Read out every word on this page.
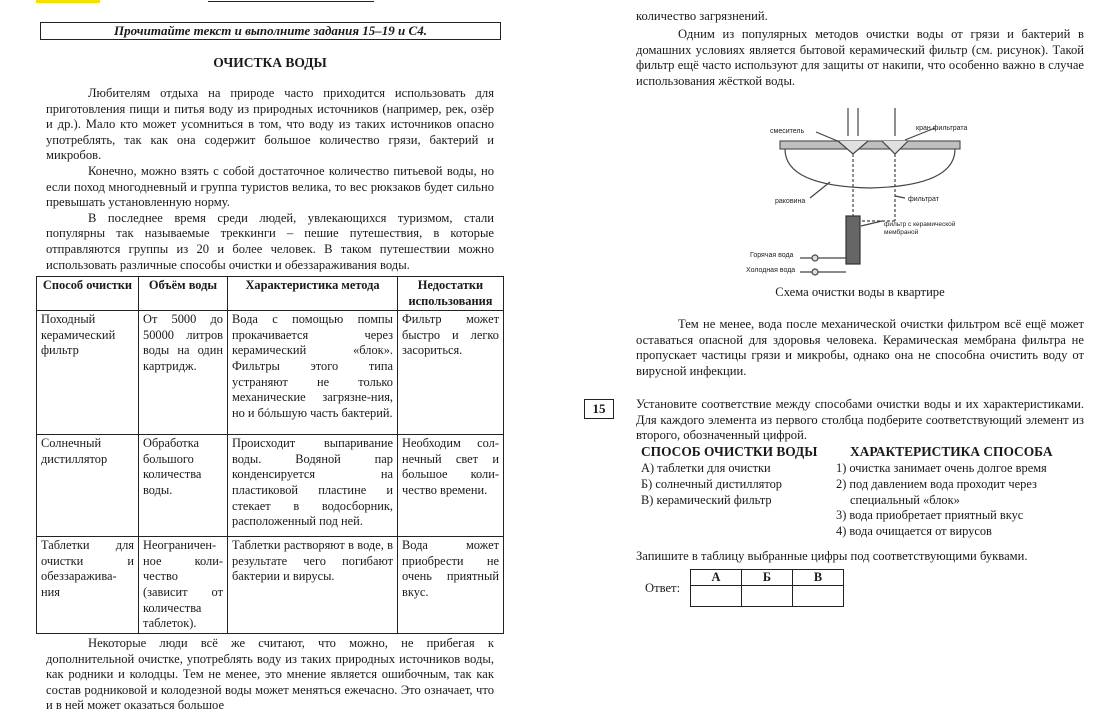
Прочитайте текст и выполните задания 15–19 и С4.
ОЧИСТКА ВОДЫ

Любителям отдыха на природе часто приходится использовать для приготовления пищи и питья воду из природных источников (например, рек, озёр и др.). Мало кто может усомниться в том, что воду из таких источников опасно употреблять, так как она содержит большое количество грязи, бактерий и микробов.

Конечно, можно взять с собой достаточное количество питьевой воды, но если поход многодневный и группа туристов велика, то вес рюкзаков будет сильно превышать установленную норму.

В последнее время среди людей, увлекающихся туризмом, стали популярны так называемые треккинги – пешие путешествия, в которые отправляются группы из 20 и более человек. В таком путешествии можно использовать различные способы очистки и обеззараживания воды.

Способ очистки	Объём воды	Характеристика метода	Недостатки использования
Походный керамический фильтр	От 5000 до 50000 литров воды на один картридж.	Вода с помощью помпы прокачивается через керамический «блок». Фильтры этого типа устраняют не только механические загрязне-ния, но и бóльшую часть бактерий.	Фильтр может быстро и легко засориться.
Солнечный дистиллятор	Обработка большого количества воды.	Происходит выпаривание воды. Водяной пар конденсируется на пластиковой пластине и стекает в водосборник, расположенный под ней.	Необходим сол-нечный свет и большое коли-чество времени.
Таблетки для очистки и обеззаражива-ния	Неограничен-ное коли-чество (зависит от количества таблеток).	Таблетки растворяют в воде, в результате чего погибают бактерии и вирусы.	Вода может приобрести не очень приятный вкус.

Некоторые люди всё же считают, что можно, не прибегая к дополнительной очистке, употреблять воду из таких природных источников воды, как родники и колодцы. Тем не менее, это мнение является ошибочным, так как состав родниковой и колодезной воды может меняться ежечасно. Это означает, что и в ней может оказаться большое

количество загрязнений.

Одним из популярных методов очистки воды от грязи и бактерий в домашних условиях является бытовой керамический фильтр (см. рисунок). Такой фильтр ещё часто используют для защиты от накипи, что особенно важно в случае использования жёсткой воды.

смеситель	кран фильтрата
раковина	фильтрат
фильтр с керамической
мембраной
Горячая вода
Холодная вода
Схема очистки воды в квартире

Тем не менее, вода после механической очистки фильтром всё ещё может оставаться опасной для здоровья человека. Керамическая мембрана фильтра не пропускает частицы грязи и микробы, однако она не способна очистить воду от вирусной инфекции.

15	Установите соответствие между способами очистки воды и их характеристиками. Для каждого элемента из первого столбца подберите соответствующий элемент из второго, обозначенный цифрой.

СПОСОБ ОЧИСТКИ ВОДЫ ХАРАКТЕРИСТИКА СПОСОБА
А) таблетки для очистки
Б) солнечный дистиллятор
В) керамический фильтр
1) очистка занимает очень долгое время
2) под давлением вода проходит через специальный «блок»
3) вода приобретает приятный вкус
4) вода очищается от вирусов

Запишите в таблицу выбранные цифры под соответствующими буквами.

Ответ:
А	Б	В
